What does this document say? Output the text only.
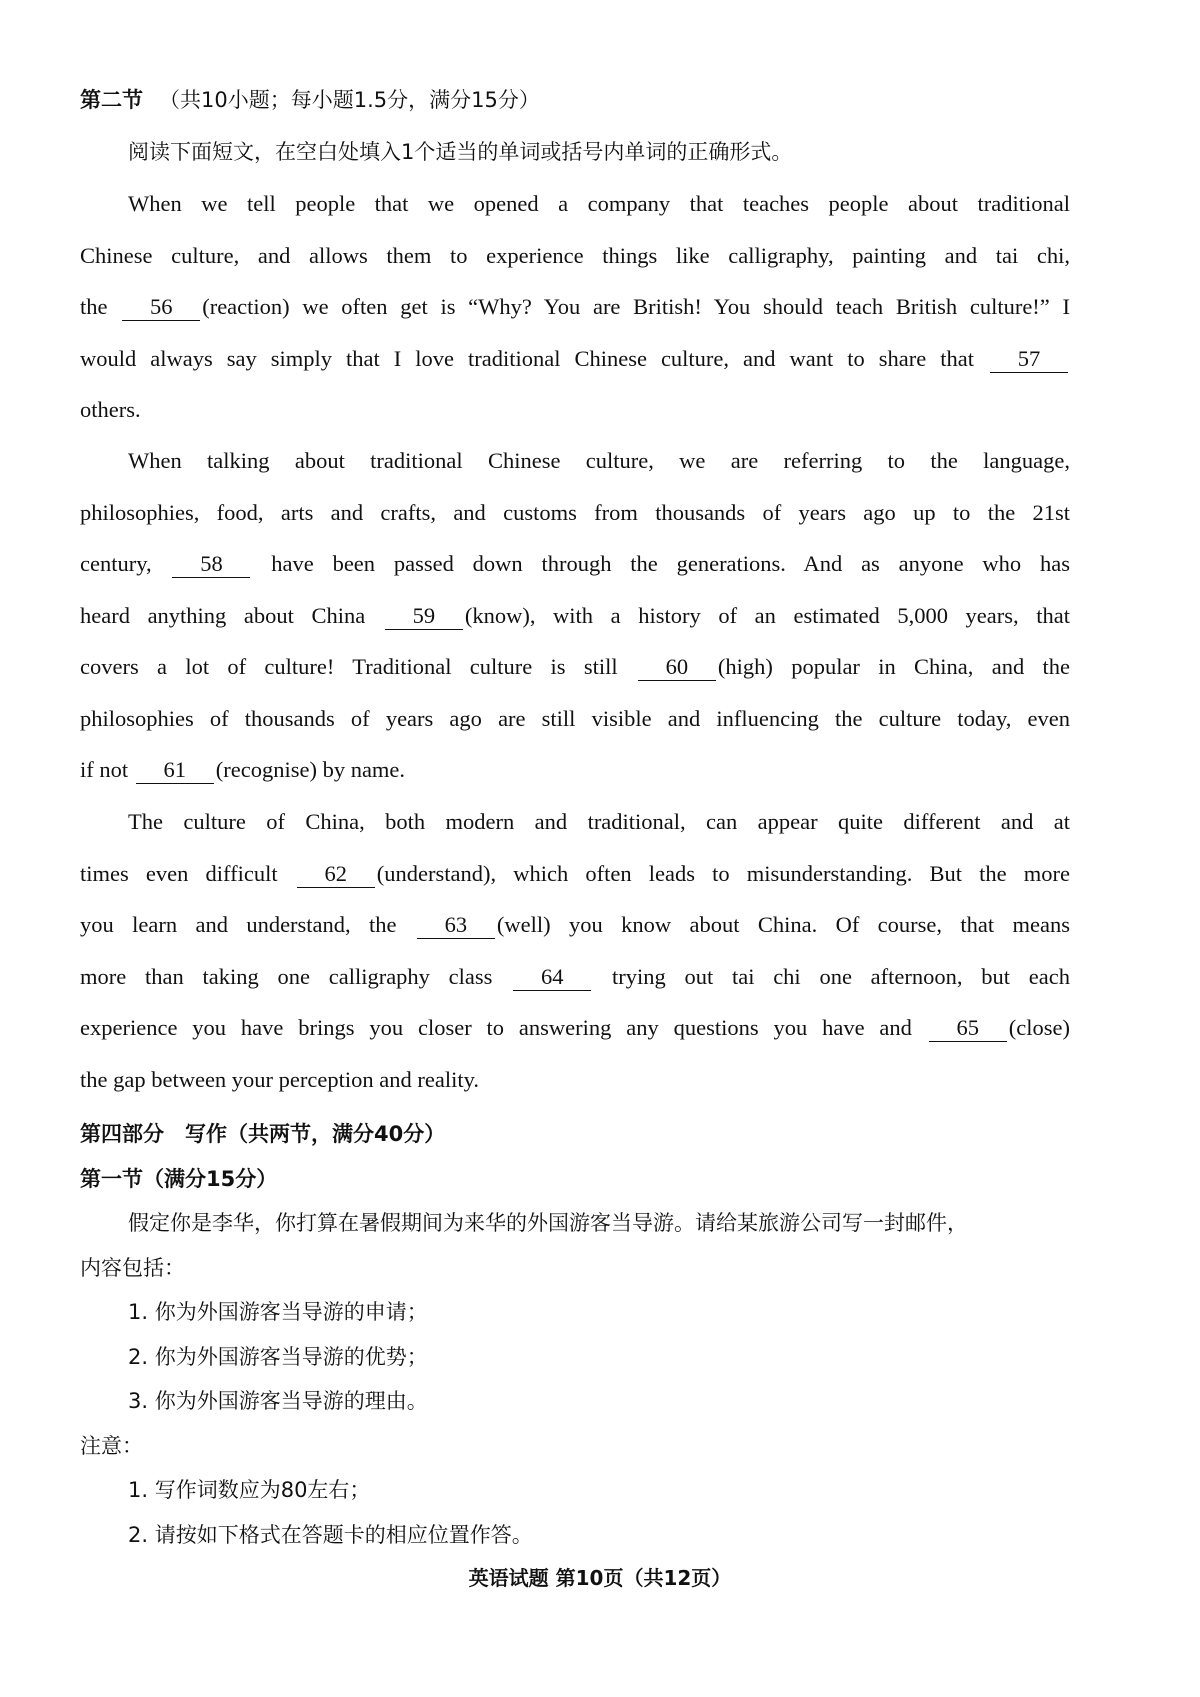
第二节 （共10小题；每小题1.5分，满分15分）
阅读下面短文，在空白处填入1个适当的单词或括号内单词的正确形式。
When we tell people that we opened a company that teaches people about traditional
Chinese culture, and allows them to experience things like calligraphy, painting and tai chi,
the 56 (reaction) we often get is “Why? You are British! You should teach British culture!” I
would always say simply that I love traditional Chinese culture, and want to share that 57
others.
When talking about traditional Chinese culture, we are referring to the language,
philosophies, food, arts and crafts, and customs from thousands of years ago up to the 21st
century, 58 have been passed down through the generations. And as anyone who has
heard anything about China 59 (know), with a history of an estimated 5,000 years, that
covers a lot of culture! Traditional culture is still 60 (high) popular in China, and the
philosophies of thousands of years ago are still visible and influencing the culture today, even
if not 61 (recognise) by name.
The culture of China, both modern and traditional, can appear quite different and at
times even difficult 62 (understand), which often leads to misunderstanding. But the more
you learn and understand, the 63 (well) you know about China. Of course, that means
more than taking one calligraphy class 64 trying out tai chi one afternoon, but each
experience you have brings you closer to answering any questions you have and 65 (close)
the gap between your perception and reality.
第四部分　写作（共两节，满分40分）
第一节（满分15分）
假定你是李华，你打算在暑假期间为来华的外国游客当导游。请给某旅游公司写一封邮件，
内容包括：
1. 你为外国游客当导游的申请；
2. 你为外国游客当导游的优势；
3. 你为外国游客当导游的理由。
注意：
1. 写作词数应为80左右；
2. 请按如下格式在答题卡的相应位置作答。
英语试题 第10页（共12页）
